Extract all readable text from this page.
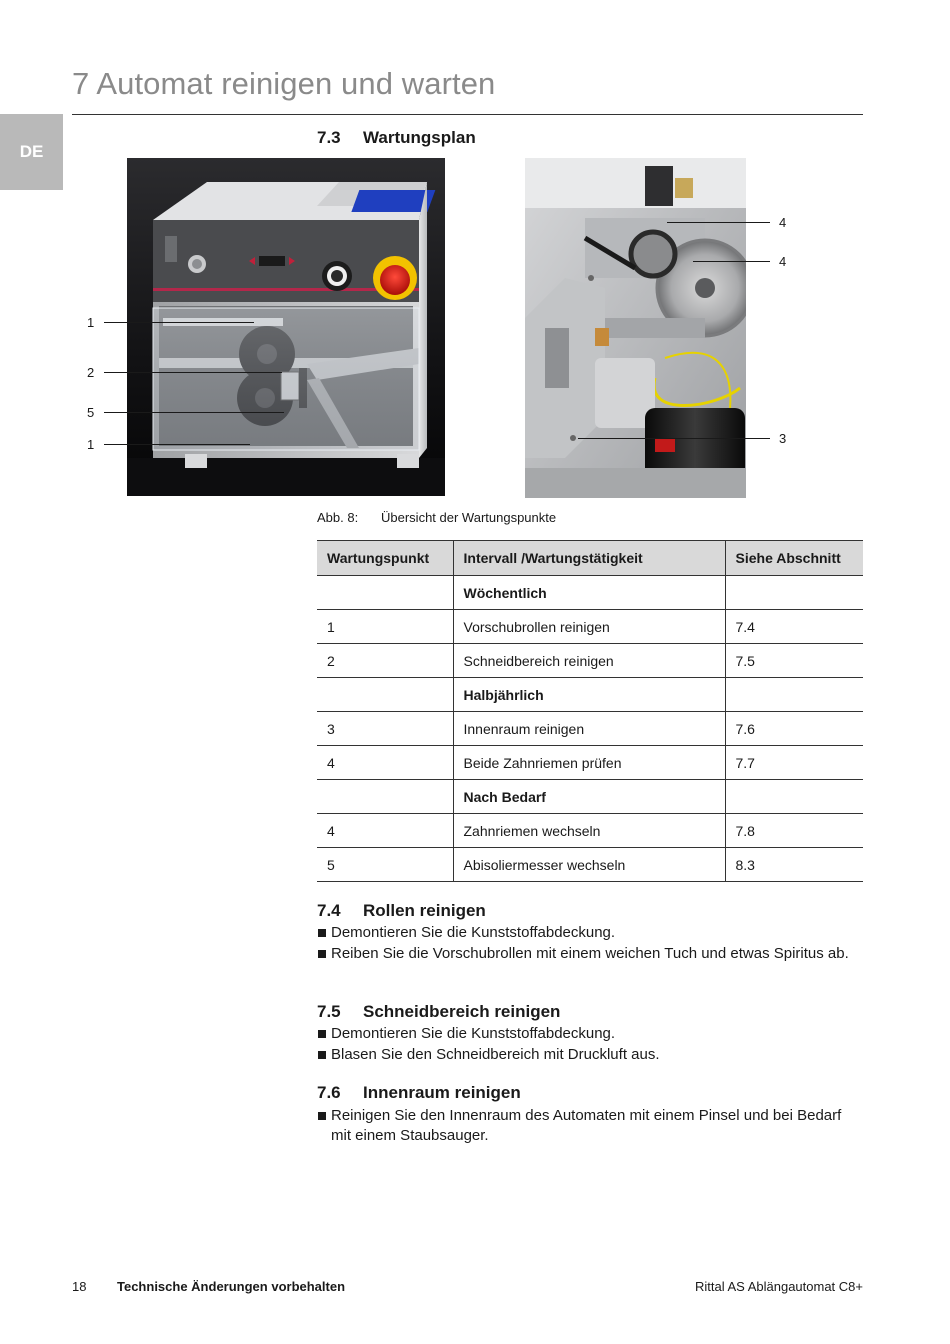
7 Automat reinigen und warten
DE
7.3 Wartungsplan
1
2
5
1
4
4
3
Abb. 8: Übersicht der Wartungspunkte
Wartungspunkt	Intervall /Wartungstätigkeit	Siehe Abschnitt
	Wöchentlich	
1	Vorschubrollen reinigen	7.4
2	Schneidbereich reinigen	7.5
	Halbjährlich	
3	Innenraum reinigen	7.6
4	Beide Zahnriemen prüfen	7.7
	Nach Bedarf	
4	Zahnriemen wechseln	7.8
5	Abisoliermesser wechseln	8.3
7.4 Rollen reinigen
Demontieren Sie die Kunststoffabdeckung.
Reiben Sie die Vorschubrollen mit einem weichen Tuch und etwas Spiritus ab.
7.5 Schneidbereich reinigen
Demontieren Sie die Kunststoffabdeckung.
Blasen Sie den Schneidbereich mit Druckluft aus.
7.6 Innenraum reinigen
Reinigen Sie den Innenraum des Automaten mit einem Pinsel und bei Bedarf mit einem Staubsauger.
18 Technische Änderungen vorbehalten	Rittal AS Ablängautomat C8+
